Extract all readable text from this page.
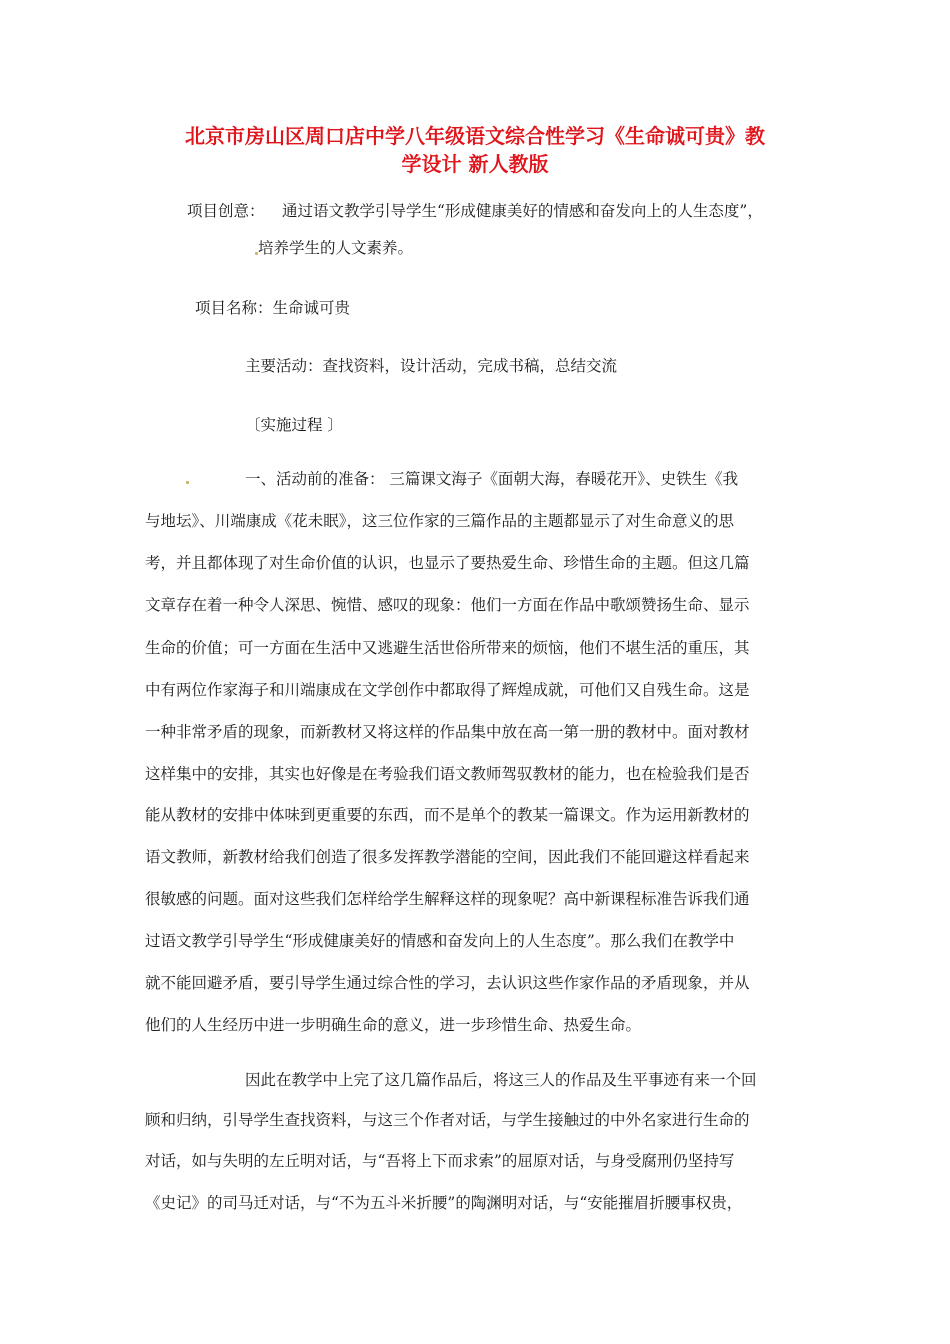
北京市房山区周口店中学八年级语文综合性学习《生命诚可贵》教
学设计 新人教版

项目创意： 通过语文教学引导学生“形成健康美好的情感和奋发向上的人生态度”，

培养学生的人文素养。

项目名称：生命诚可贵

主要活动：查找资料，设计活动，完成书稿，总结交流

〔实施过程 〕

一、活动前的准备： 三篇课文海子《面朝大海，春暖花开》、史铁生《我

与地坛》、川端康成《花未眠》，这三位作家的三篇作品的主题都显示了对生命意义的思

考，并且都体现了对生命价值的认识，也显示了要热爱生命、珍惜生命的主题。但这几篇

文章存在着一种令人深思、惋惜、感叹的现象：他们一方面在作品中歌颂赞扬生命、显示

生命的价值；可一方面在生活中又逃避生活世俗所带来的烦恼，他们不堪生活的重压，其

中有两位作家海子和川端康成在文学创作中都取得了辉煌成就，可他们又自残生命。这是

一种非常矛盾的现象，而新教材又将这样的作品集中放在高一第一册的教材中。面对教材

这样集中的安排，其实也好像是在考验我们语文教师驾驭教材的能力，也在检验我们是否

能从教材的安排中体味到更重要的东西，而不是单个的教某一篇课文。作为运用新教材的

语文教师，新教材给我们创造了很多发挥教学潜能的空间，因此我们不能回避这样看起来

很敏感的问题。面对这些我们怎样给学生解释这样的现象呢？高中新课程标准告诉我们通

过语文教学引导学生“形成健康美好的情感和奋发向上的人生态度”。那么我们在教学中

就不能回避矛盾，要引导学生通过综合性的学习，去认识这些作家作品的矛盾现象，并从

他们的人生经历中进一步明确生命的意义，进一步珍惜生命、热爱生命。

因此在教学中上完了这几篇作品后，将这三人的作品及生平事迹有来一个回

顾和归纳，引导学生查找资料，与这三个作者对话，与学生接触过的中外名家进行生命的

对话，如与失明的左丘明对话，与“吾将上下而求索”的屈原对话，与身受腐刑仍坚持写

《史记》的司马迁对话，与“不为五斗米折腰”的陶渊明对话，与“安能摧眉折腰事权贵，
